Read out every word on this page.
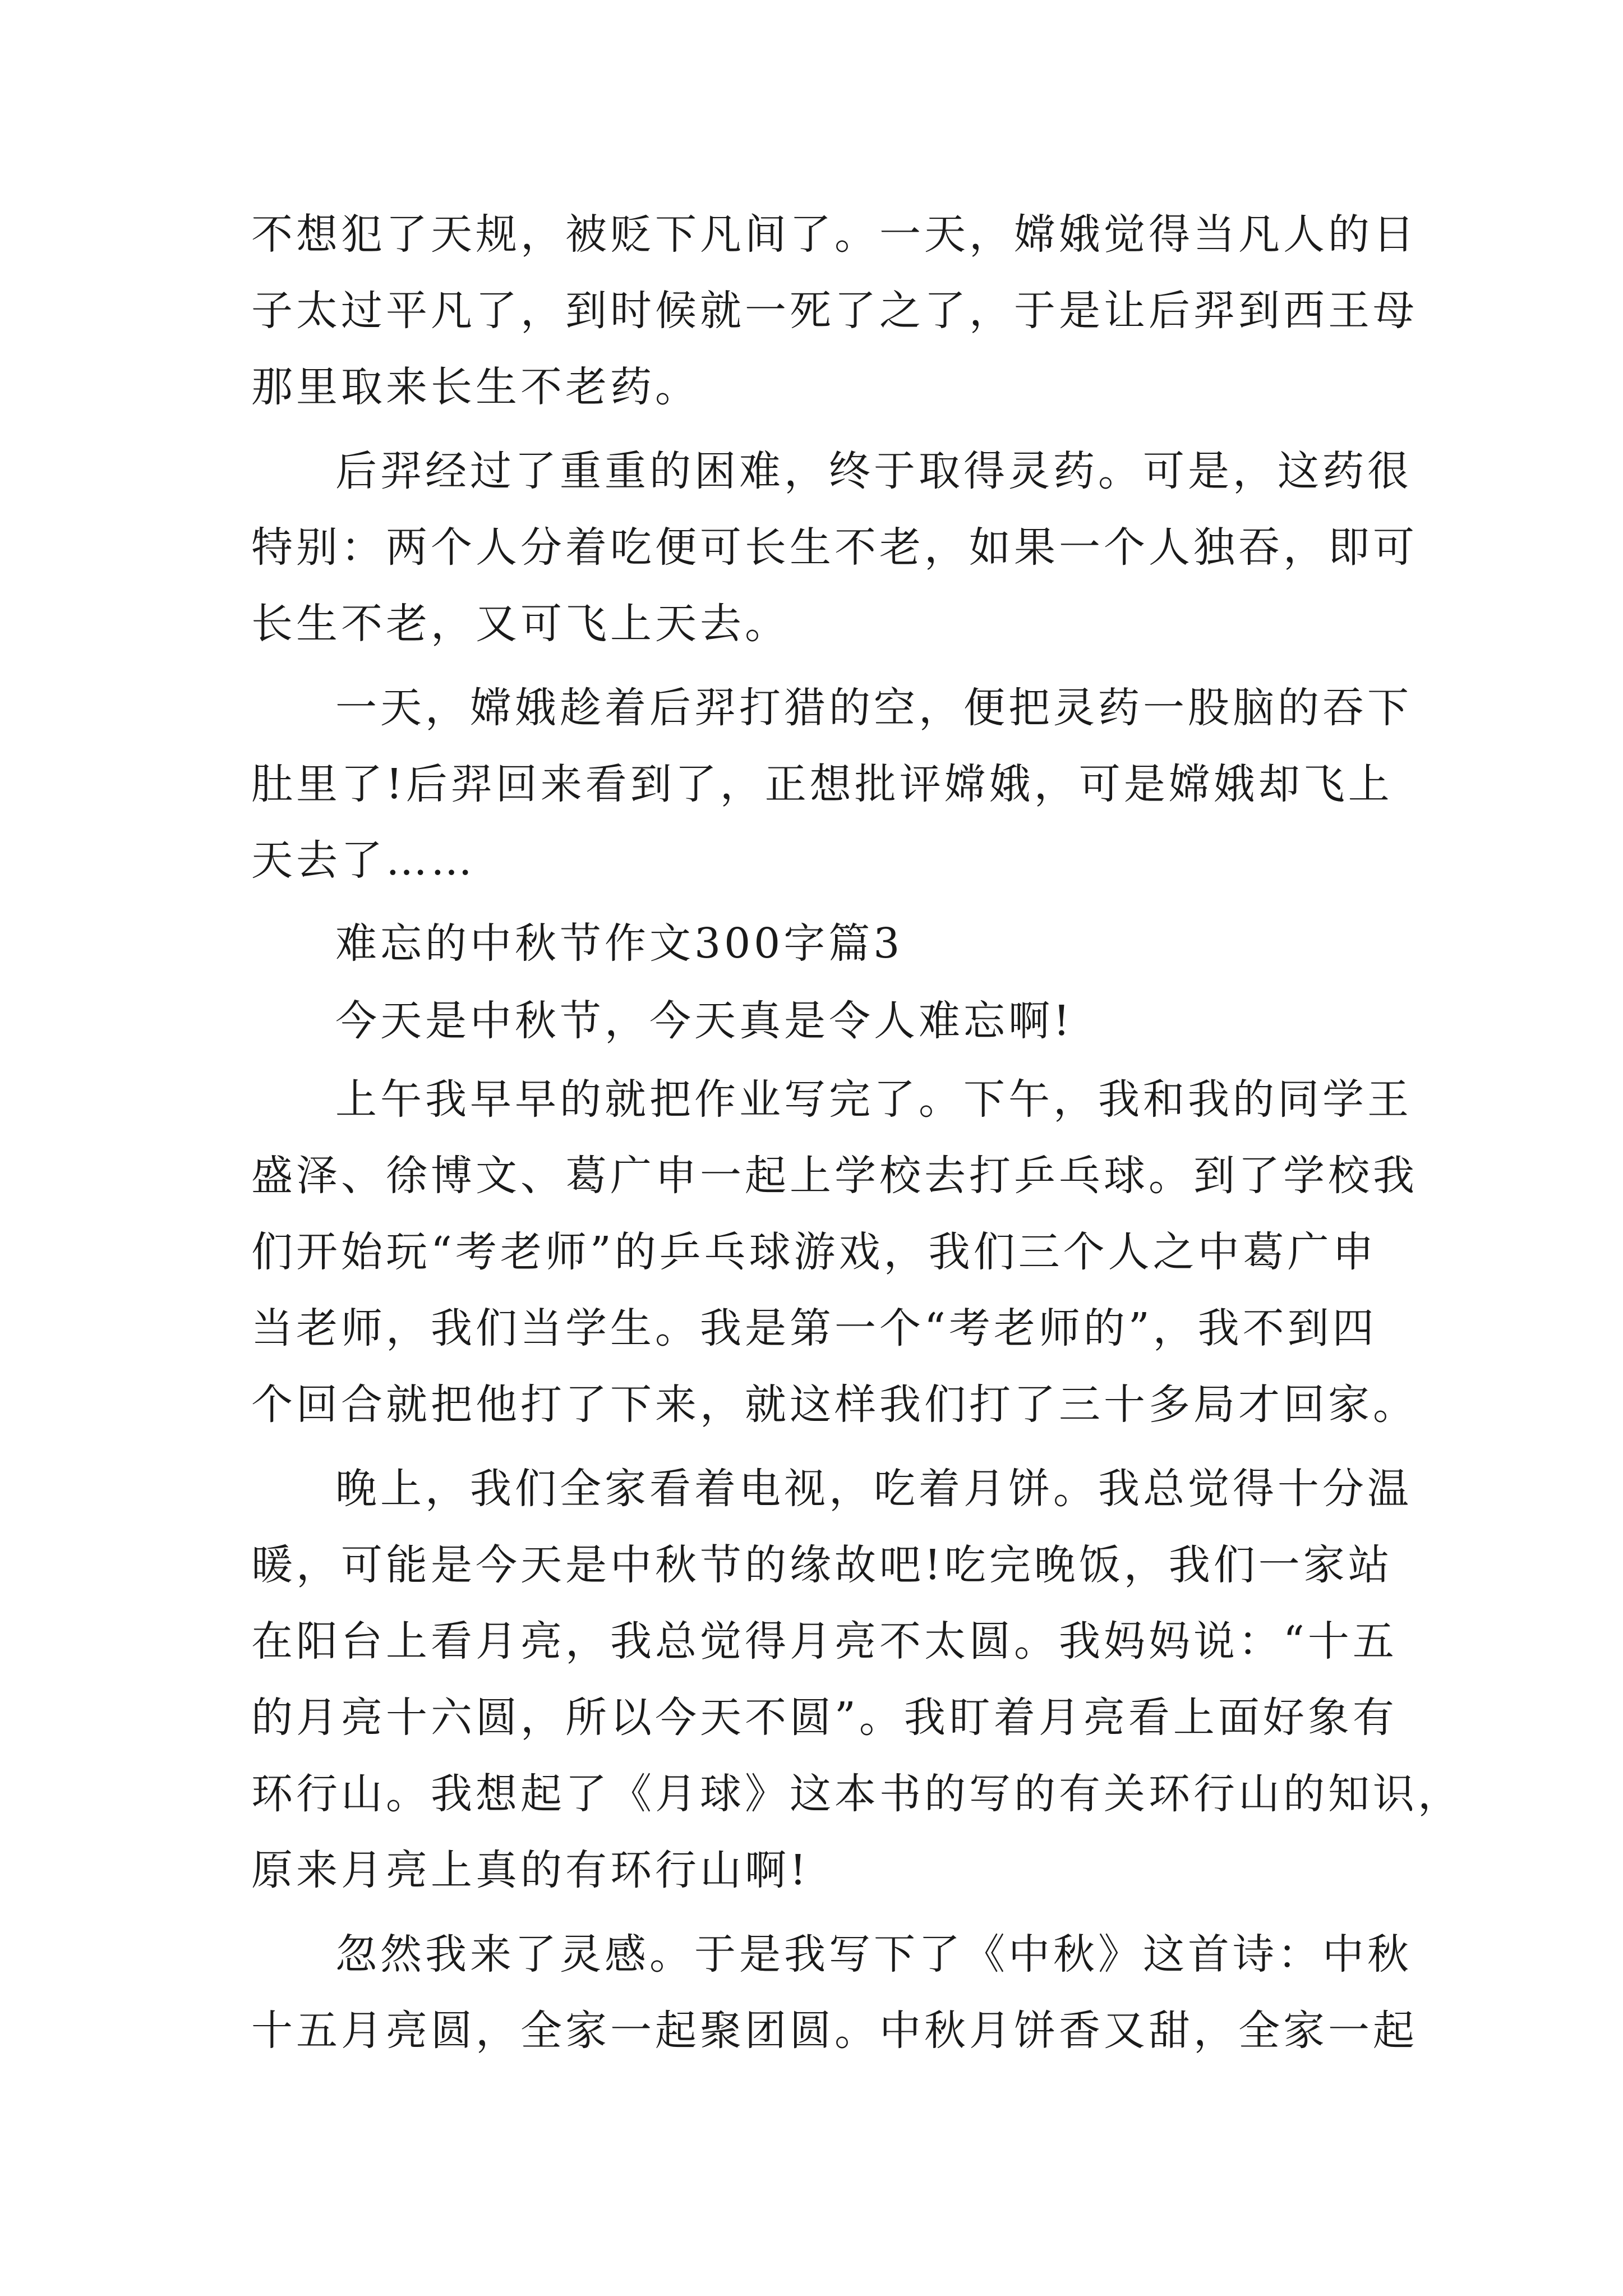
不想犯了天规，被贬下凡间了。一天，嫦娥觉得当凡人的日
子太过平凡了，到时候就一死了之了，于是让后羿到西王母
那里取来长生不老药。
后羿经过了重重的困难，终于取得灵药。可是，这药很
特别：两个人分着吃便可长生不老，如果一个人独吞，即可
长生不老，又可飞上天去。
一天，嫦娥趁着后羿打猎的空，便把灵药一股脑的吞下
肚里了!后羿回来看到了，正想批评嫦娥，可是嫦娥却飞上
天去了……
难忘的中秋节作文300字篇3
今天是中秋节，今天真是令人难忘啊!
上午我早早的就把作业写完了。下午，我和我的同学王
盛泽、徐博文、葛广申一起上学校去打乒乓球。到了学校我
们开始玩“考老师”的乒乓球游戏，我们三个人之中葛广申
当老师，我们当学生。我是第一个“考老师的”，我不到四
个回合就把他打了下来，就这样我们打了三十多局才回家。
晚上，我们全家看着电视，吃着月饼。我总觉得十分温
暖，可能是今天是中秋节的缘故吧!吃完晚饭，我们一家站
在阳台上看月亮，我总觉得月亮不太圆。我妈妈说：“十五
的月亮十六圆，所以今天不圆”。我盯着月亮看上面好象有
环行山。我想起了《月球》这本书的写的有关环行山的知识，
原来月亮上真的有环行山啊!
忽然我来了灵感。于是我写下了《中秋》这首诗：中秋
十五月亮圆，全家一起聚团圆。中秋月饼香又甜，全家一起
